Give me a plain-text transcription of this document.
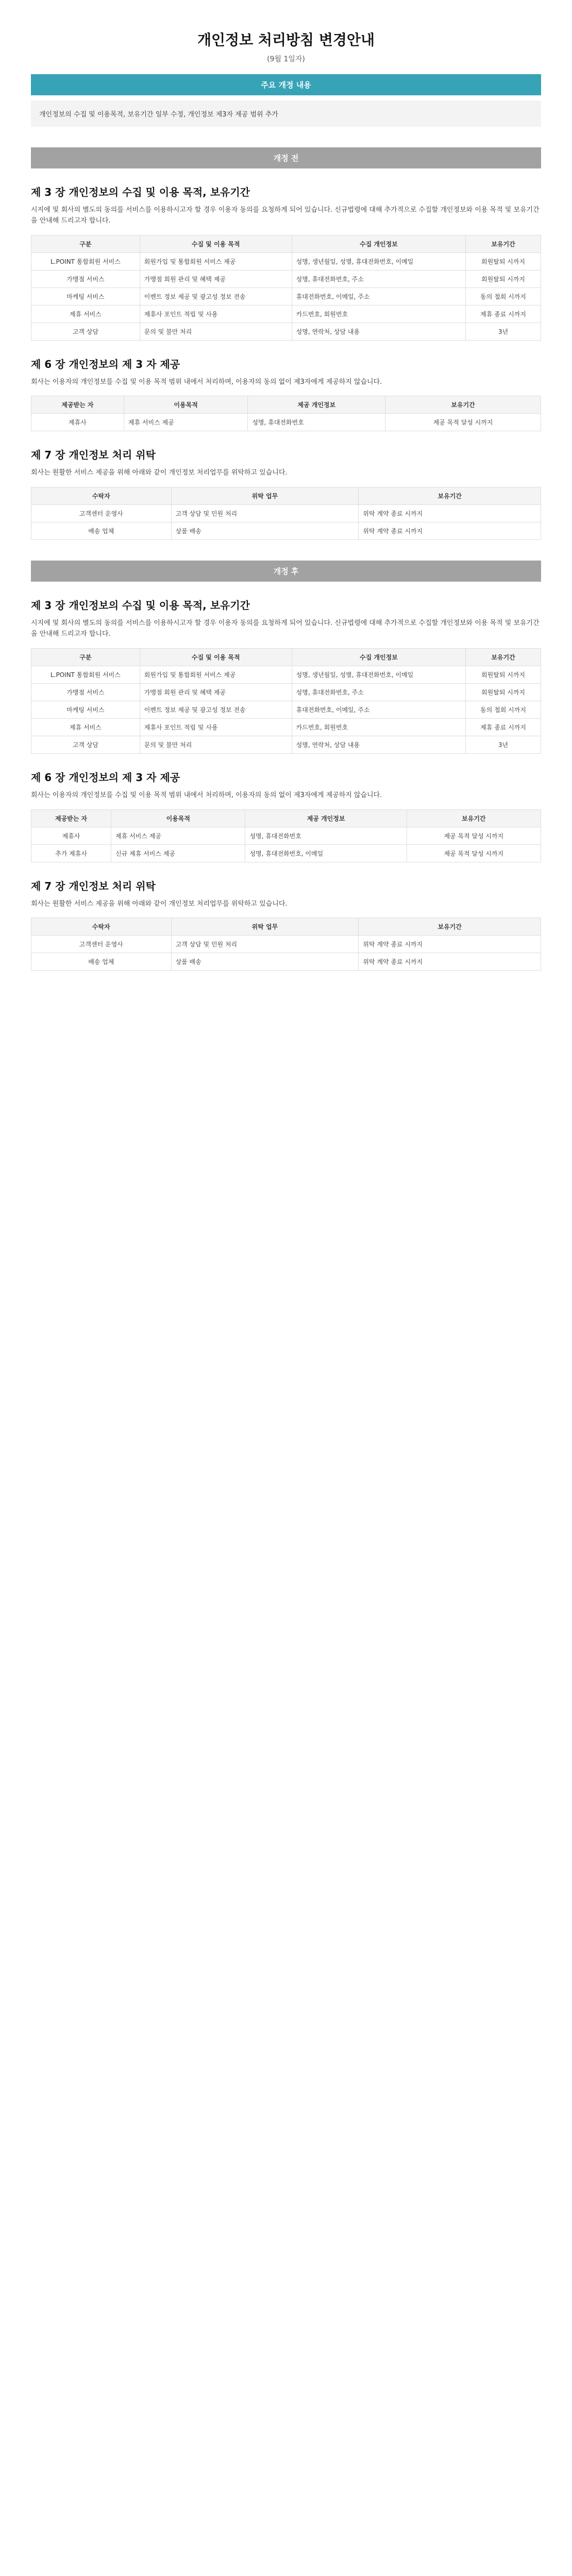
개인정보 처리방침 변경안내
(9월 1일자)
주요 개정 내용
개인정보의 수집 및 이용목적, 보유기간 일부 수정, 개인정보 제3자 제공 범위 추가
개정 전
제 3 장 개인정보의 수집 및 이용 목적, 보유기간

시지에 및 회사의 별도의 동의를 서비스를 이용하시고자 할 경우 이용자 동의를 요청하게 되어 있습니다. 신규법령에 대해 추가적으로 수집할 개인정보와 이용 목적 및 보유기간을 안내해 드리고자 합니다.

구분	수집 및 이용 목적	수집 개인정보	보유기간
L.POINT 통합회원 서비스	회원가입 및 통합회원 서비스 제공	성명, 생년월일, 성별, 휴대전화번호, 이메일	회원탈퇴 시까지
가맹점 서비스	가맹점 회원 관리 및 혜택 제공	성명, 휴대전화번호, 주소	회원탈퇴 시까지
마케팅 서비스	이벤트 정보 제공 및 광고성 정보 전송	휴대전화번호, 이메일, 주소	동의 철회 시까지
제휴 서비스	제휴사 포인트 적립 및 사용	카드번호, 회원번호	제휴 종료 시까지
고객 상담	문의 및 불만 처리	성명, 연락처, 상담 내용	3년
제 6 장 개인정보의 제 3 자 제공

회사는 이용자의 개인정보를 수집 및 이용 목적 범위 내에서 처리하며, 이용자의 동의 없이 제3자에게 제공하지 않습니다.

제공받는 자	이용목적	제공 개인정보	보유기간
제휴사	제휴 서비스 제공	성명, 휴대전화번호	제공 목적 달성 시까지
제 7 장 개인정보 처리 위탁

회사는 원활한 서비스 제공을 위해 아래와 같이 개인정보 처리업무를 위탁하고 있습니다.

수탁자	위탁 업무	보유기간
고객센터 운영사	고객 상담 및 민원 처리	위탁 계약 종료 시까지
배송 업체	상품 배송	위탁 계약 종료 시까지
개정 후
제 3 장 개인정보의 수집 및 이용 목적, 보유기간

시지에 및 회사의 별도의 동의를 서비스를 이용하시고자 할 경우 이용자 동의를 요청하게 되어 있습니다. 신규법령에 대해 추가적으로 수집할 개인정보와 이용 목적 및 보유기간을 안내해 드리고자 합니다.

구분	수집 및 이용 목적	수집 개인정보	보유기간
L.POINT 통합회원 서비스	회원가입 및 통합회원 서비스 제공	성명, 생년월일, 성별, 휴대전화번호, 이메일	회원탈퇴 시까지
가맹점 서비스	가맹점 회원 관리 및 혜택 제공	성명, 휴대전화번호, 주소	회원탈퇴 시까지
마케팅 서비스	이벤트 정보 제공 및 광고성 정보 전송	휴대전화번호, 이메일, 주소	동의 철회 시까지
제휴 서비스	제휴사 포인트 적립 및 사용	카드번호, 회원번호	제휴 종료 시까지
고객 상담	문의 및 불만 처리	성명, 연락처, 상담 내용	3년
제 6 장 개인정보의 제 3 자 제공

회사는 이용자의 개인정보를 수집 및 이용 목적 범위 내에서 처리하며, 이용자의 동의 없이 제3자에게 제공하지 않습니다.

제공받는 자	이용목적	제공 개인정보	보유기간
제휴사	제휴 서비스 제공	성명, 휴대전화번호	제공 목적 달성 시까지
추가 제휴사	신규 제휴 서비스 제공	성명, 휴대전화번호, 이메일	제공 목적 달성 시까지
제 7 장 개인정보 처리 위탁

회사는 원활한 서비스 제공을 위해 아래와 같이 개인정보 처리업무를 위탁하고 있습니다.

수탁자	위탁 업무	보유기간
고객센터 운영사	고객 상담 및 민원 처리	위탁 계약 종료 시까지
배송 업체	상품 배송	위탁 계약 종료 시까지
